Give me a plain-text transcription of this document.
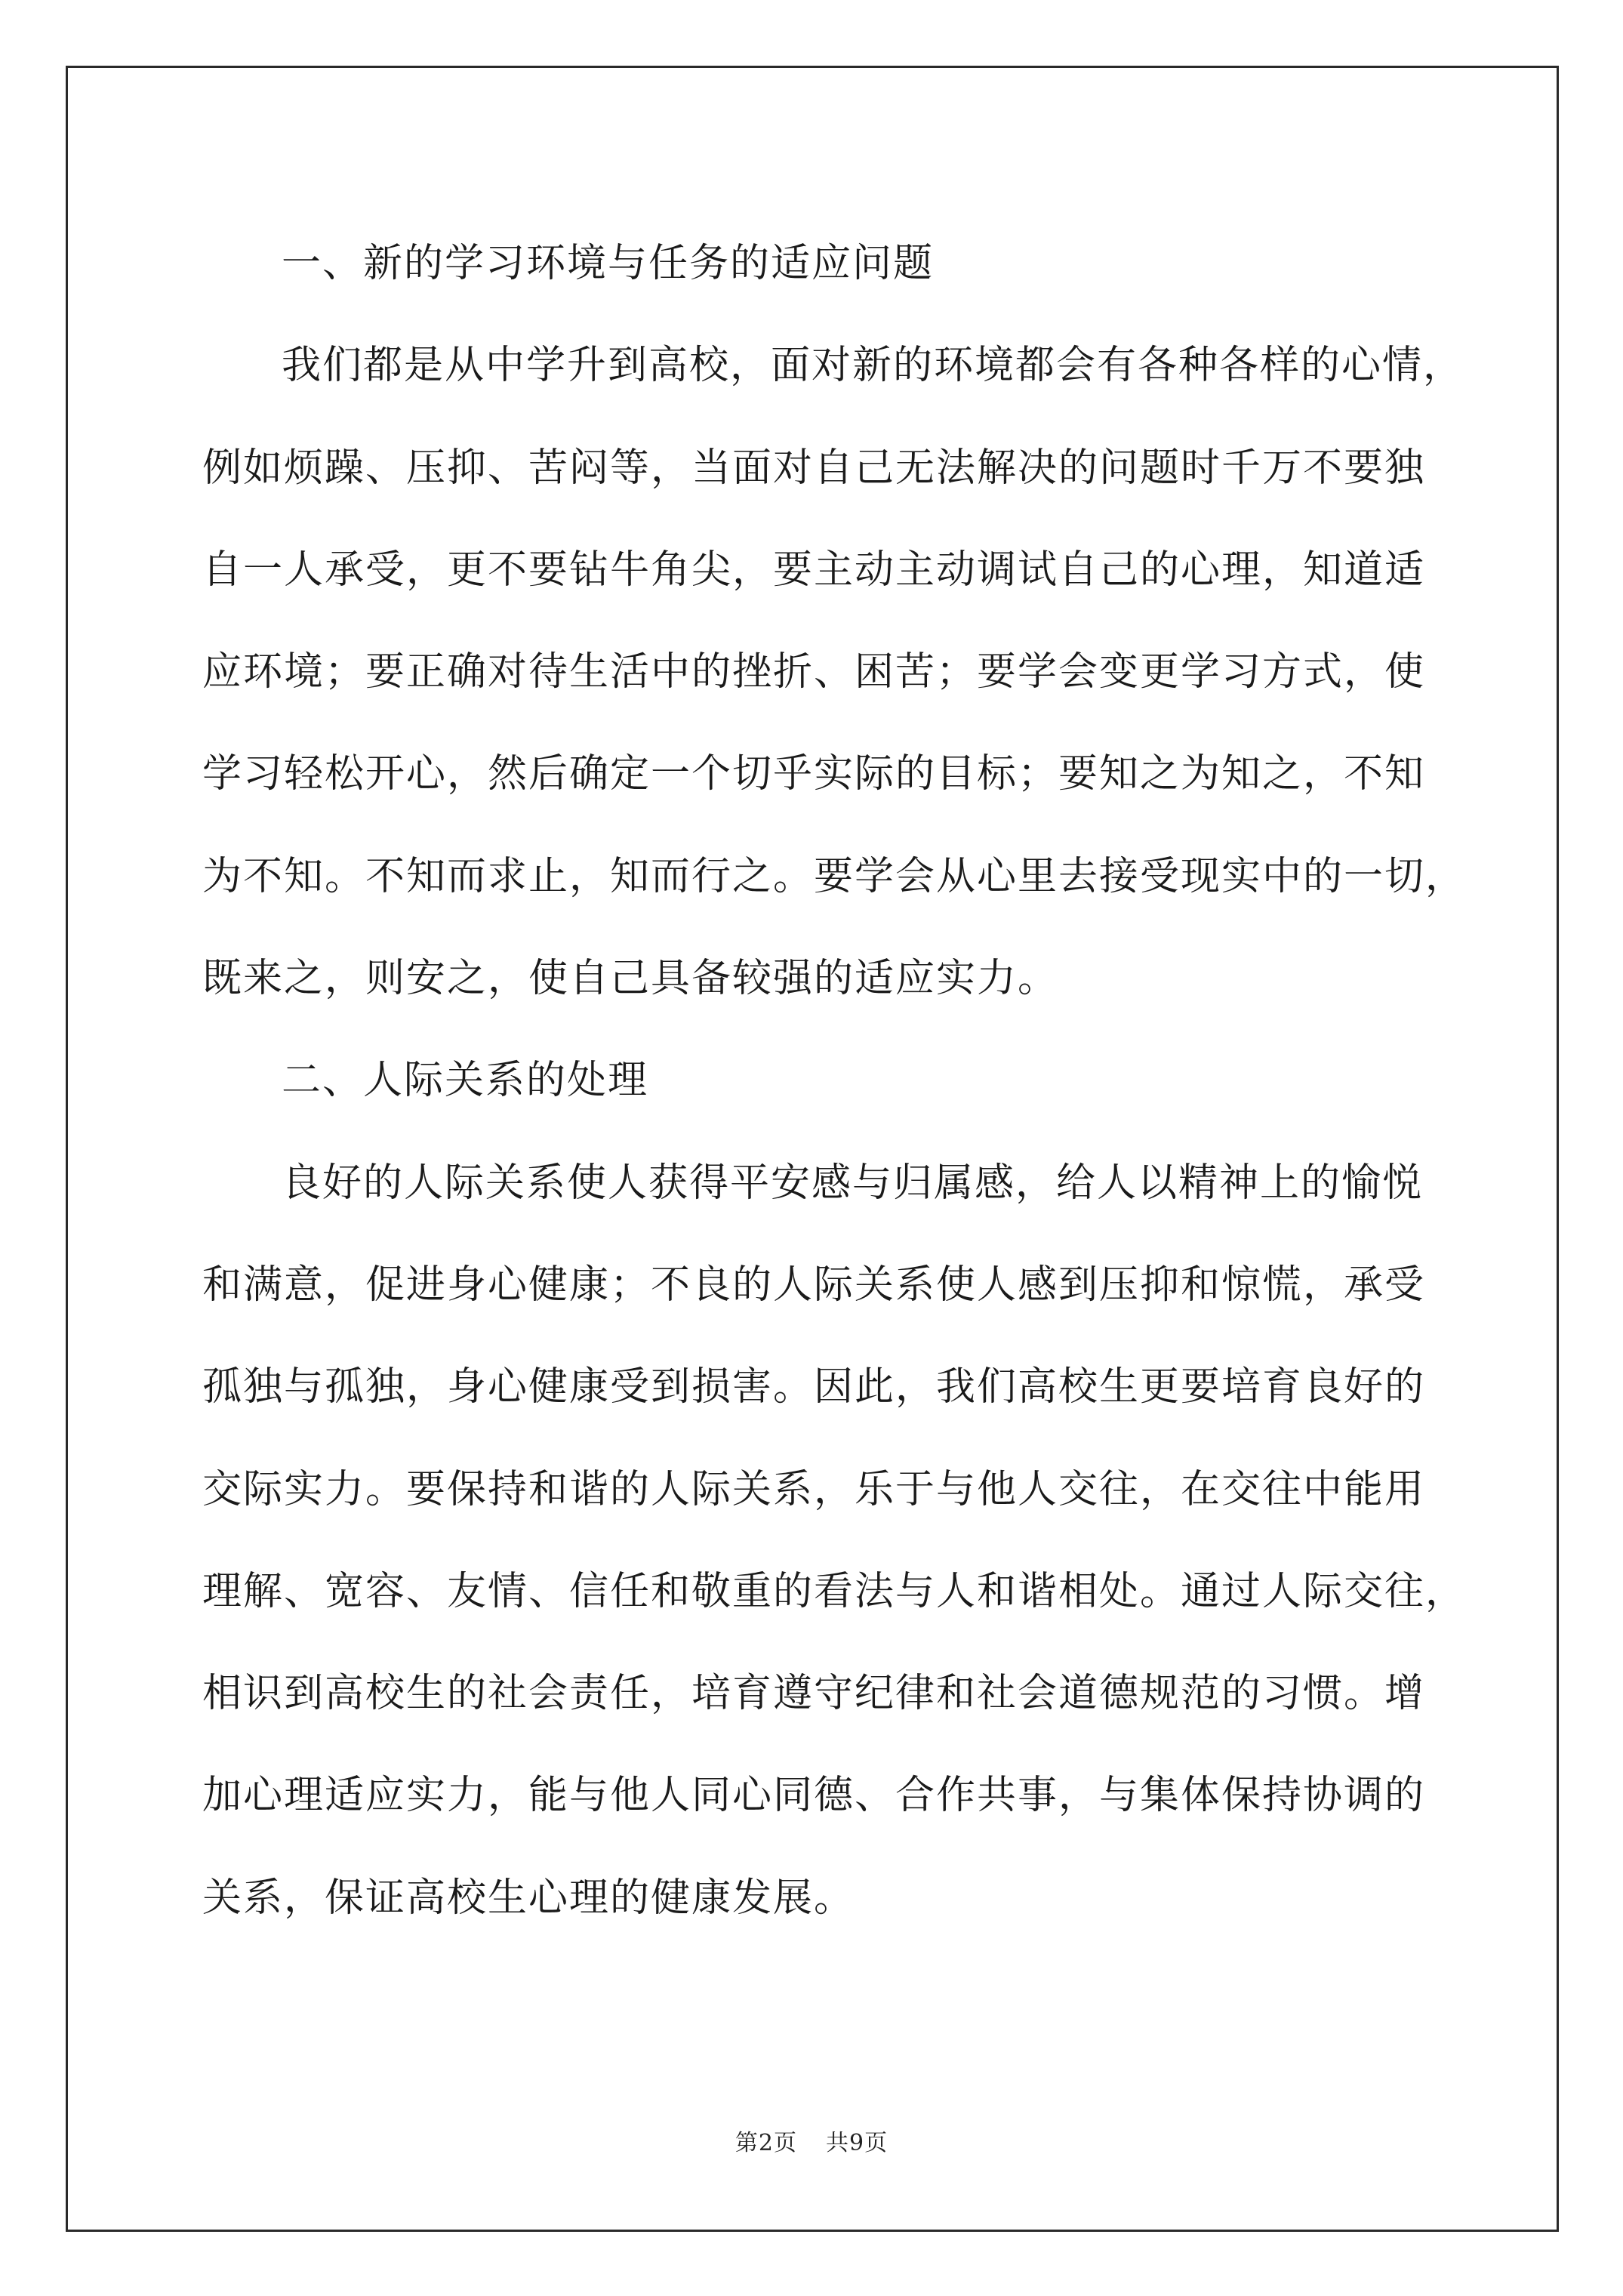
一、新的学习环境与任务的适应问题
我们都是从中学升到高校，面对新的环境都会有各种各样的心情，
例如烦躁、压抑、苦闷等，当面对自己无法解决的问题时千万不要独
自一人承受，更不要钻牛角尖，要主动主动调试自己的心理，知道适
应环境；要正确对待生活中的挫折、困苦；要学会变更学习方式，使
学习轻松开心，然后确定一个切乎实际的目标；要知之为知之，不知
为不知。不知而求止，知而行之。要学会从心里去接受现实中的一切，
既来之，则安之，使自己具备较强的适应实力。
二、人际关系的处理
良好的人际关系使人获得平安感与归属感，给人以精神上的愉悦
和满意，促进身心健康；不良的人际关系使人感到压抑和惊慌，承受
孤独与孤独，身心健康受到损害。因此，我们高校生更要培育良好的
交际实力。要保持和谐的人际关系，乐于与他人交往，在交往中能用
理解、宽容、友情、信任和敬重的看法与人和谐相处。通过人际交往，
相识到高校生的社会责任，培育遵守纪律和社会道德规范的习惯。增
加心理适应实力，能与他人同心同德、合作共事，与集体保持协调的
关系，保证高校生心理的健康发展。
第2页 共9页
